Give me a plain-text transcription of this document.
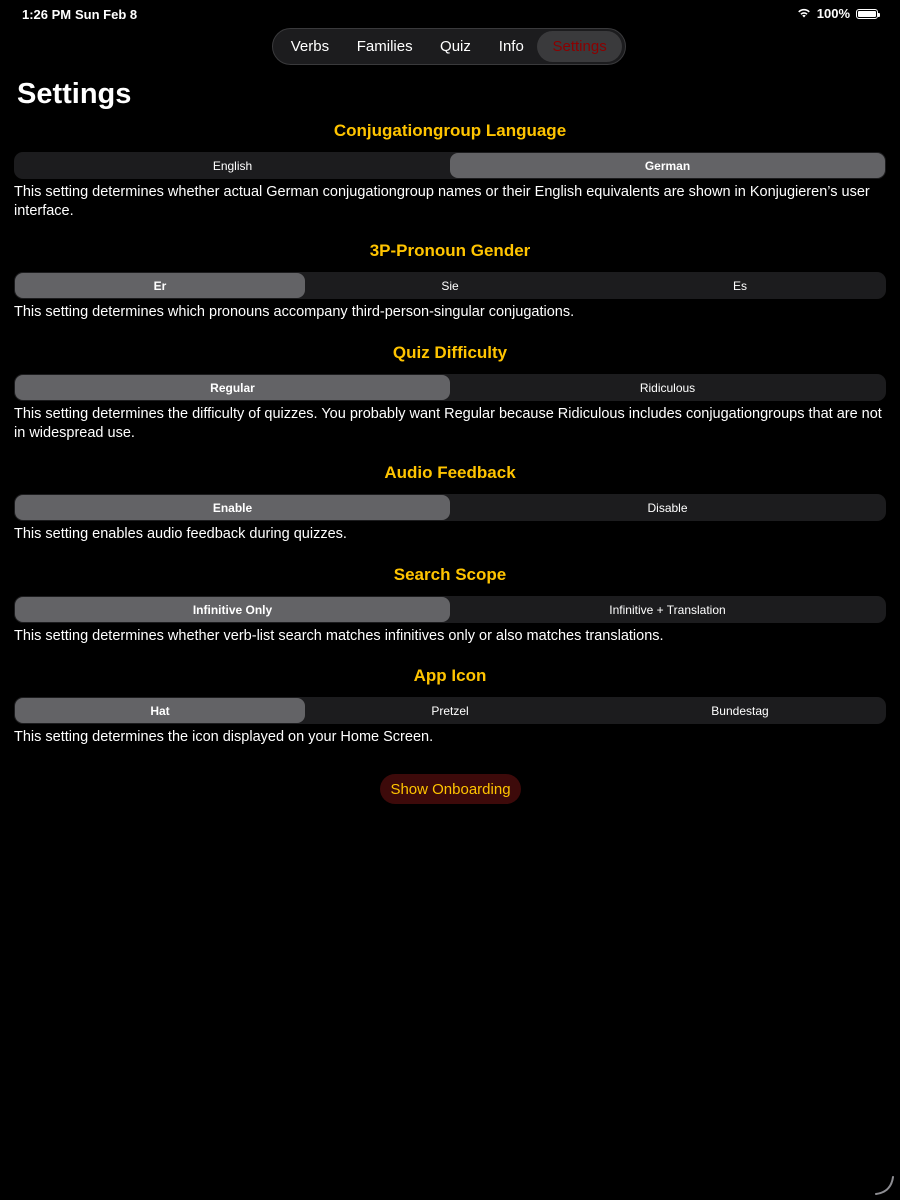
1:26 PM Sun Feb 8	100%
Verbs	Families	Quiz	Info	Settings
Settings
Conjugationgroup Language
English	German
This setting determines whether actual German conjugationgroup names or their English equivalents are shown in Konjugieren’s user interface.
3P-Pronoun Gender
Er	Sie	Es
This setting determines which pronouns accompany third-person-singular conjugations.
Quiz Difficulty
Regular	Ridiculous
This setting determines the difficulty of quizzes. You probably want Regular because Ridiculous includes conjugationgroups that are not in widespread use.
Audio Feedback
Enable	Disable
This setting enables audio feedback during quizzes.
Search Scope
Infinitive Only	Infinitive + Translation
This setting determines whether verb-list search matches infinitives only or also matches translations.
App Icon
Hat	Pretzel	Bundestag
This setting determines the icon displayed on your Home Screen.
Show Onboarding
